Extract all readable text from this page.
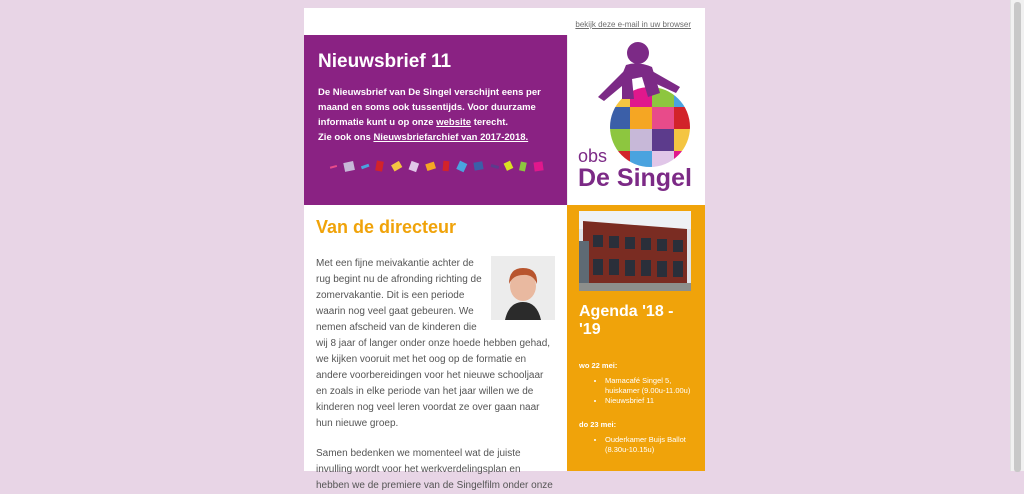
bekijk deze e-mail in uw browser
Nieuwsbrief 11

De Nieuwsbrief van De Singel verschijnt eens per maand en soms ook tussentijds. Voor duurzame informatie kunt u op onze website terecht.
Zie ook ons Nieuwsbriefarchief van 2017-2018.

obs
De Singel
Van de directeur

Met een fijne meivakantie achter de rug begint nu de afronding richting de zomervakantie. Dit is een periode waarin nog veel gaat gebeuren. We nemen afscheid van de kinderen die wij 8 jaar of langer onder onze hoede hebben gehad, we kijken vooruit met het oog op de formatie en andere voorbereidingen voor het nieuwe schooljaar en zoals in elke periode van het jaar willen we de kinderen nog veel leren voordat ze over gaan naar hun nieuwe groep.

Samen bedenken we momenteel wat de juiste invulling wordt voor het werkverdelingsplan en hebben we de premiere van de Singelfilm onder onze

Agenda '18 -'19
wo 22 mei:
• Mamacafé Singel 5, huiskamer (9.00u-11.00u)
• Nieuwsbrief 11
do 23 mei:
• Ouderkamer Buijs Ballot (8.30u-10.15u)
